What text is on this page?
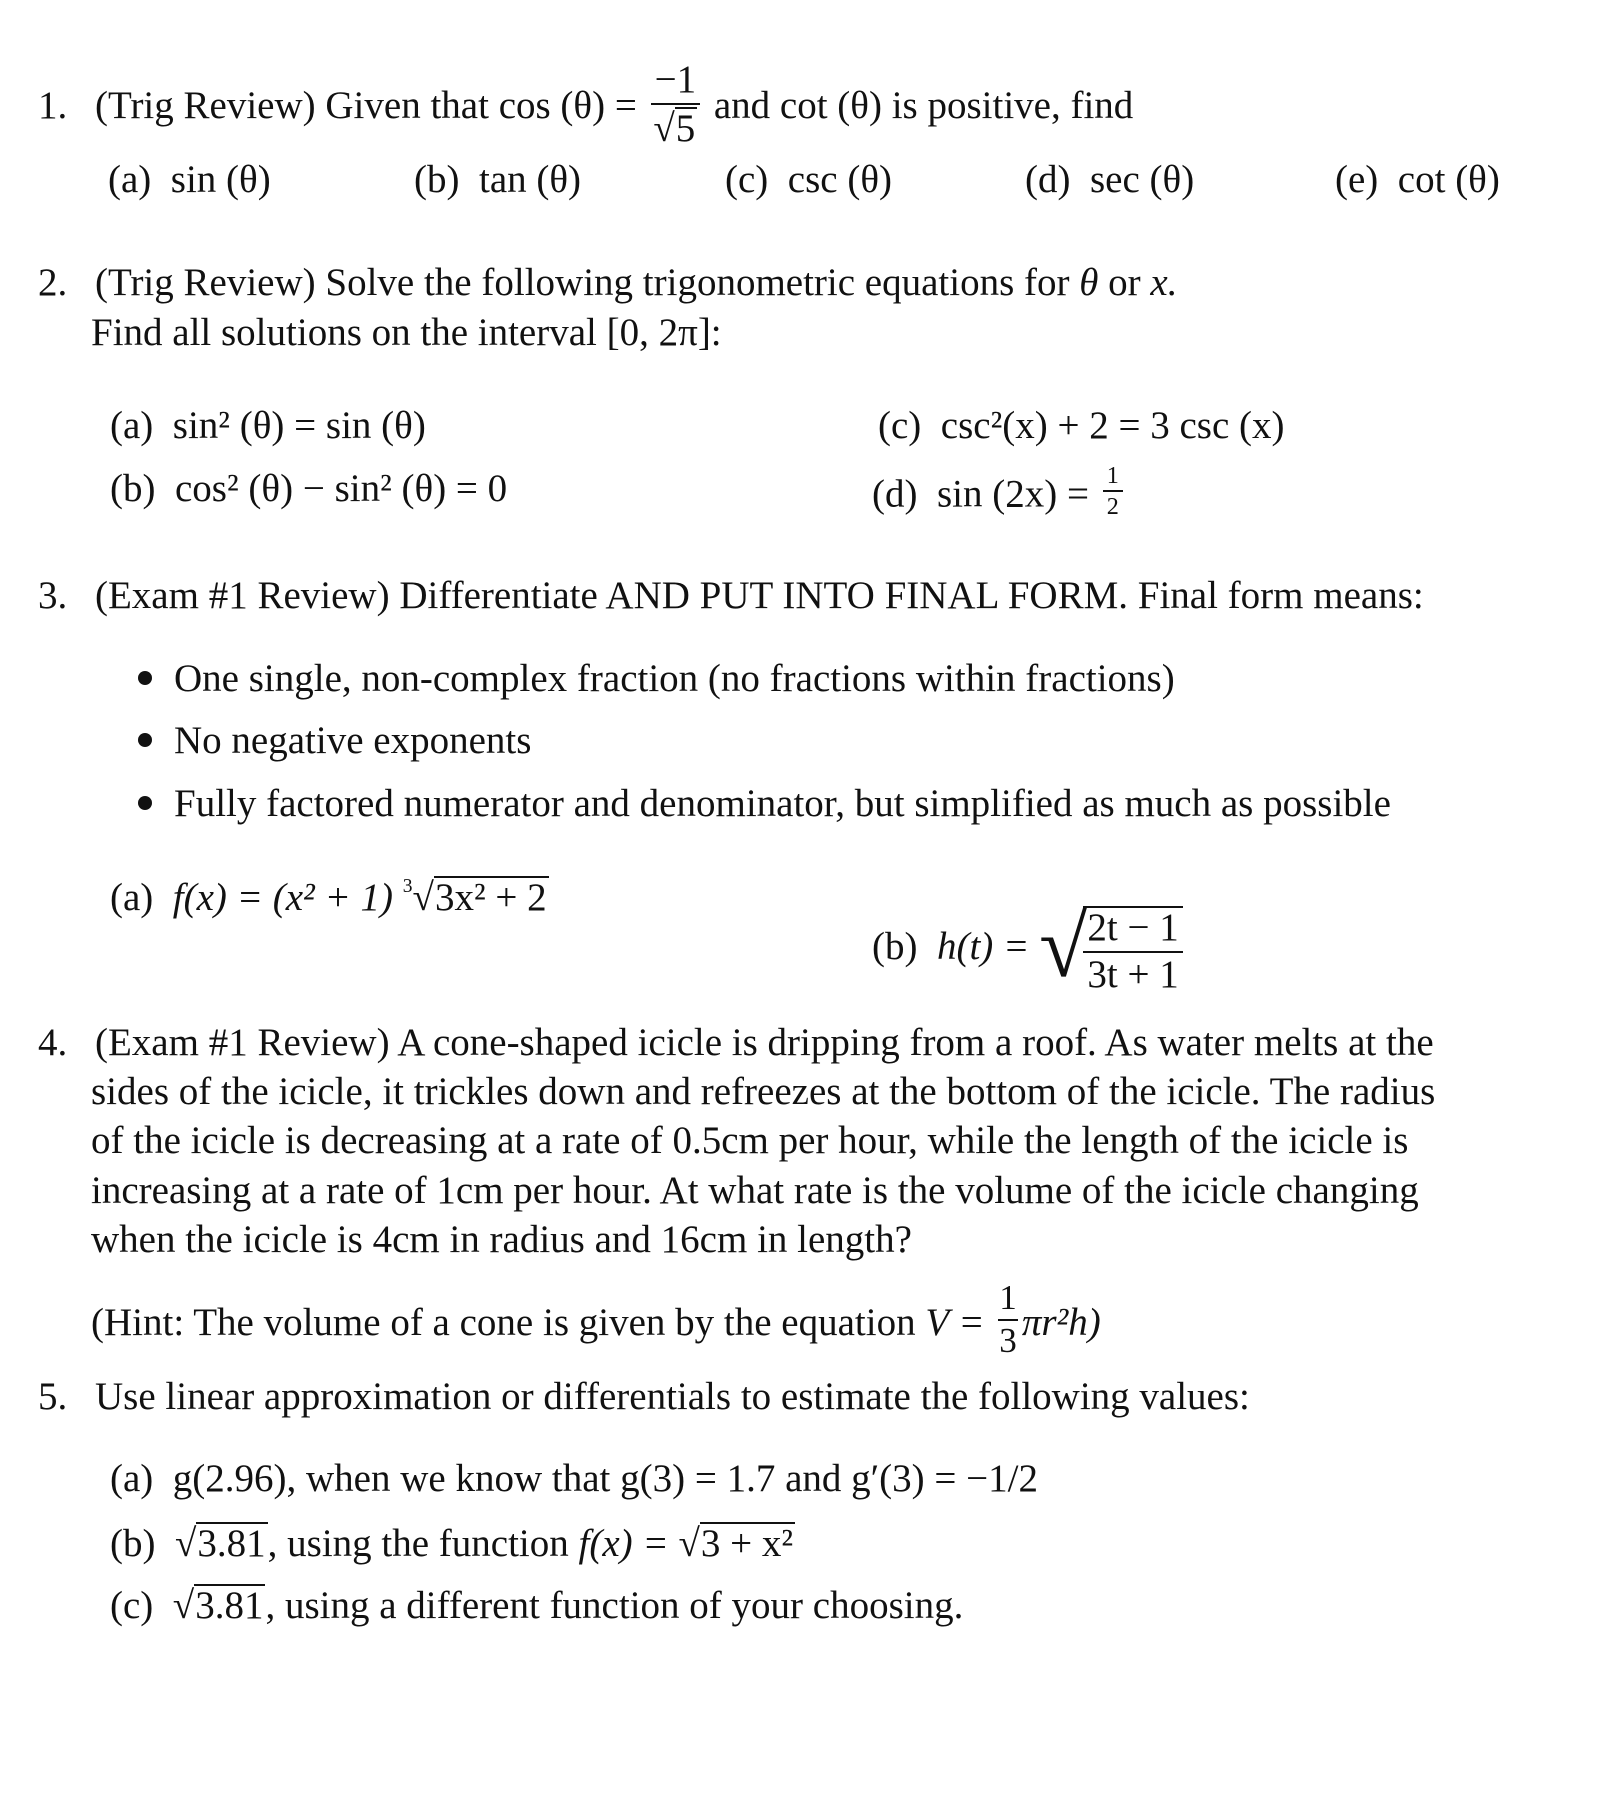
1. (Trig Review) Given that $\cos (\theta) = \frac{-1}{√5}$ and cot (θ) is positive, find
(a) sin (θ)	(b) tan (θ)	(c) csc (θ)	(d) sec (θ)	(e) cot (θ)
2. (Trig Review) Solve the following trigonometric equations for θ or x.
Find all solutions on the interval [0, 2π]:
(a) sin² (θ) = sin (θ)
(b) cos² (θ) − sin² (θ) = 0
(c) csc²(x) + 2 = 3 csc (x)
(d) $\sin (2x) = \frac{1}{2}$
3. (Exam #1 Review) Differentiate AND PUT INTO FINAL FORM. Final form means:
One single, non-complex fraction (no fractions within fractions)
No negative exponents
Fully factored numerator and denominator, but simplified as much as possible
(a) f(x) = (x² + 1) $^3$√3x² + 2
(b) h(t) = √
$\frac{2t - 1}{3t + 1}$
4. (Exam #1 Review) A cone-shaped icicle is dripping from a roof. As water melts at the
sides of the icicle, it trickles down and refreezes at the bottom of the icicle. The radius
of the icicle is decreasing at a rate of 0.5cm per hour, while the length of the icicle is
increasing at a rate of 1cm per hour. At what rate is the volume of the icicle changing
when the icicle is 4cm in radius and 16cm in length?
(Hint: The volume of a cone is given by the equation $V = \frac{1}{3} \pi r^2h$)
5. Use linear approximation or differentials to estimate the following values:
(a) g(2.96), when we know that g(3) = 1.7 and g′(3) = −1/2
(b) √3.81, using the function f(x) = √3 + x²
(c) √3.81, using a different function of your choosing.
